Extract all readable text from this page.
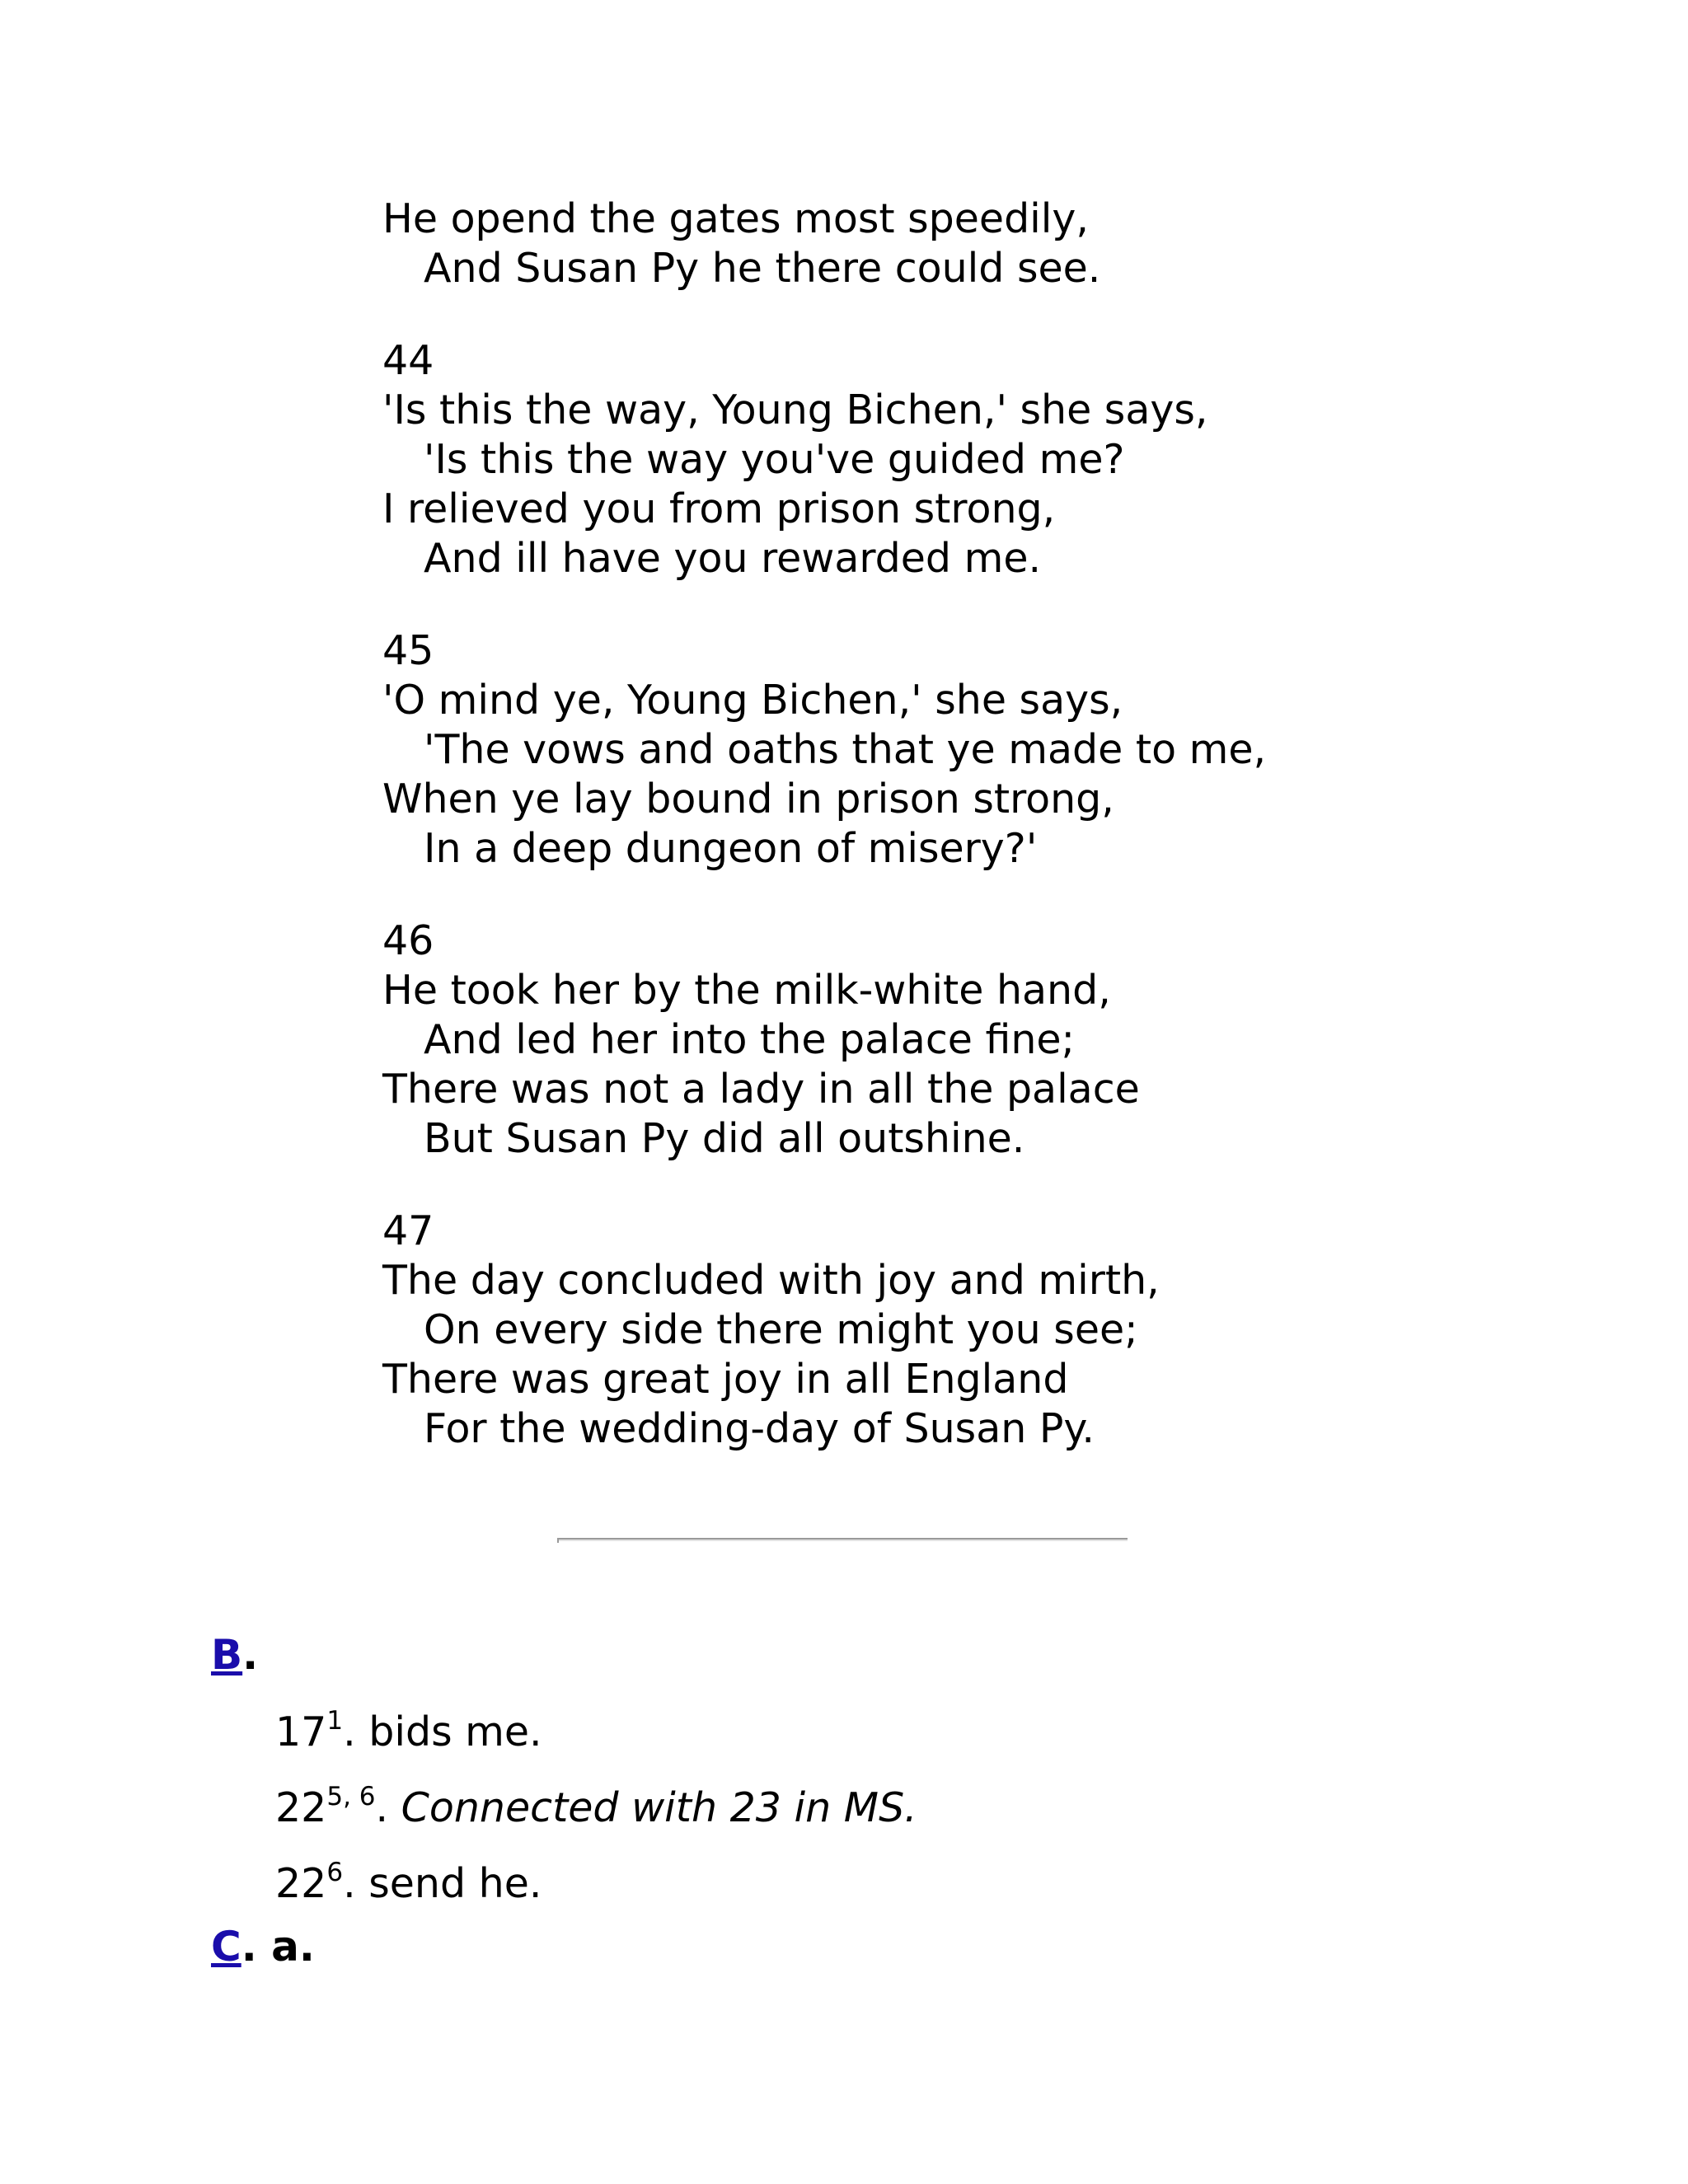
He opend the gates most speedily,
And Susan Py he there could see.
44
'Is this the way, Young Bichen,' she says,
'Is this the way you've guided me?
I relieved you from prison strong,
And ill have you rewarded me.
45
'O mind ye, Young Bichen,' she says,
'The vows and oaths that ye made to me,
When ye lay bound in prison strong,
In a deep dungeon of misery?'
46
He took her by the milk-white hand,
And led her into the palace fine;
There was not a lady in all the palace
But Susan Py did all outshine.
47
The day concluded with joy and mirth,
On every side there might you see;
There was great joy in all England
For the wedding-day of Susan Py.
B.
$17^1$. bids me.
22$^{5, 6}$. Connected with 23 in MS.
$22^6$. send he.
C. a.
